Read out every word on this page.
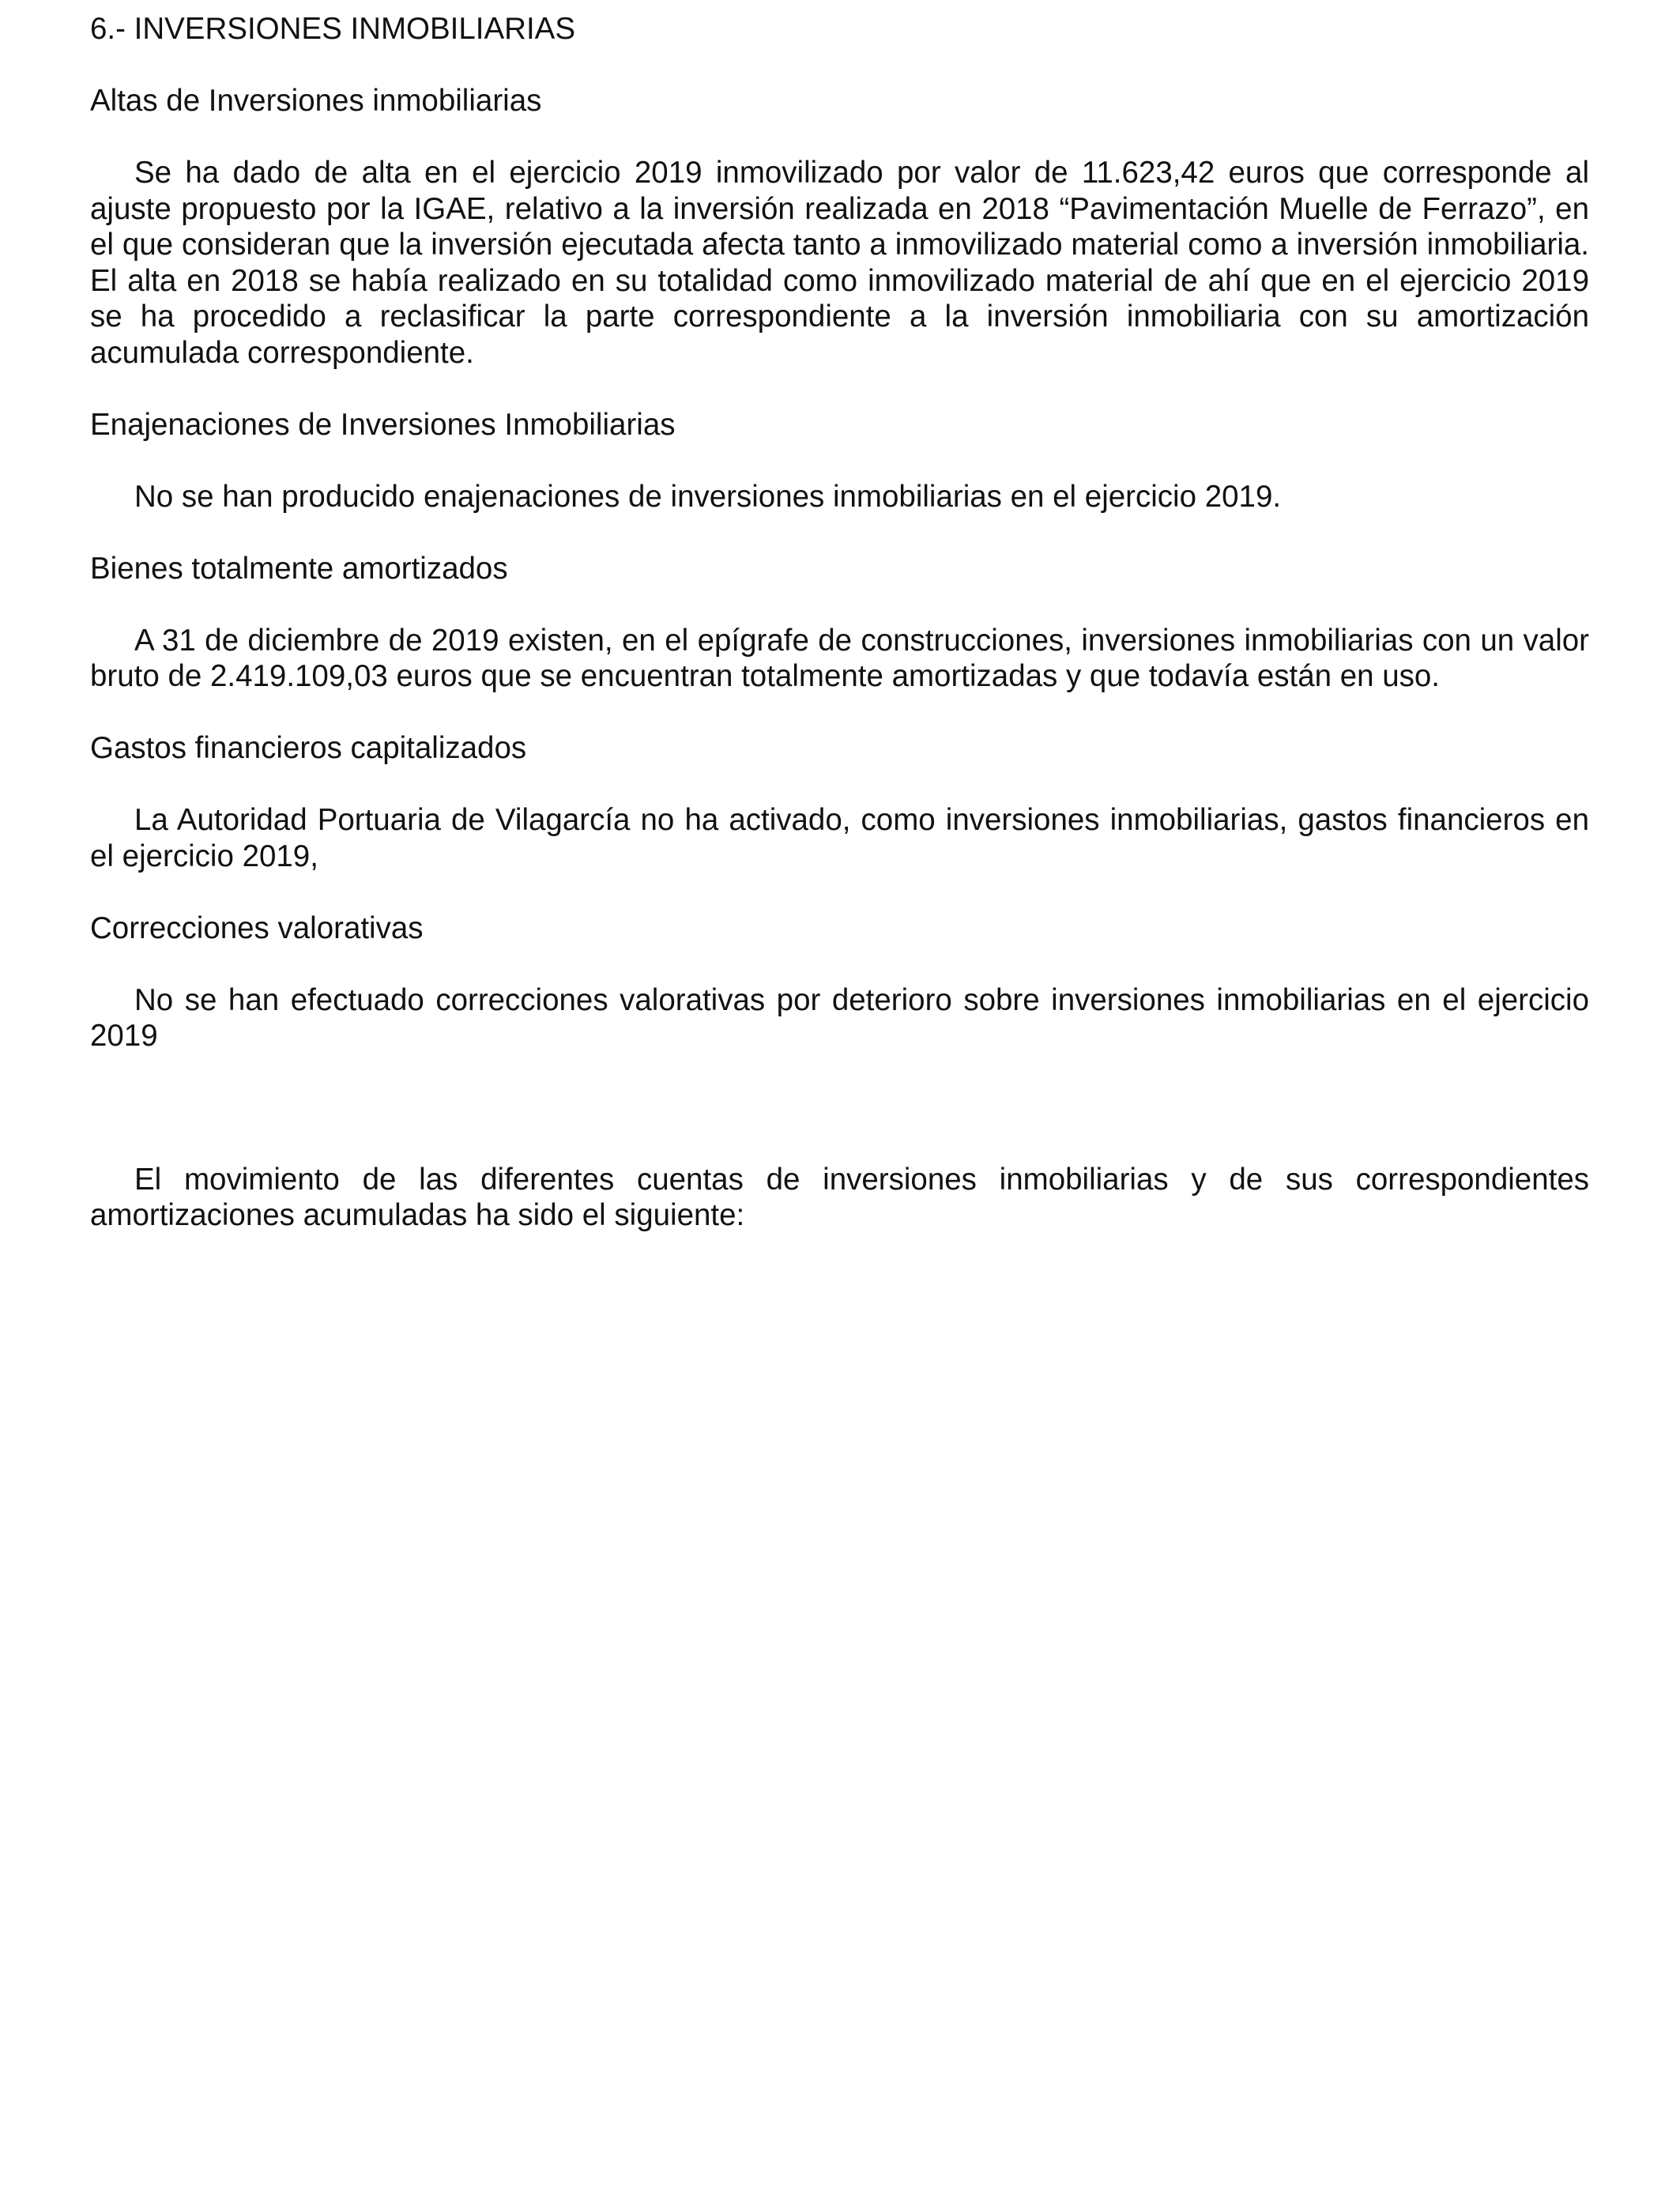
6.- INVERSIONES INMOBILIARIAS
Altas de Inversiones inmobiliarias

Se ha dado de alta en el ejercicio 2019 inmovilizado por valor de 11.623,42 euros que corresponde al ajuste propuesto por la IGAE, relativo a la inversión realizada en 2018 “Pavimentación Muelle de Ferrazo”, en el que consideran que la inversión ejecutada afecta tanto a inmovilizado material como a inversión inmobiliaria. El alta en 2018 se había realizado en su totalidad como inmovilizado material de ahí que en el ejercicio 2019 se ha procedido a reclasificar la parte correspondiente a la inversión inmobiliaria con su amortización acumulada correspondiente.

Enajenaciones de Inversiones Inmobiliarias

No se han producido enajenaciones de inversiones inmobiliarias en el ejercicio 2019.

Bienes totalmente amortizados

A 31 de diciembre de 2019 existen, en el epígrafe de construcciones, inversiones inmobiliarias con un valor bruto de 2.419.109,03 euros que se encuentran totalmente amortizadas y que todavía están en uso.

Gastos financieros capitalizados

La Autoridad Portuaria de Vilagarcía no ha activado, como inversiones inmobiliarias, gastos financieros en el ejercicio 2019,

Correcciones valorativas

No se han efectuado correcciones valorativas por deterioro sobre inversiones inmobiliarias en el ejercicio 2019

El movimiento de las diferentes cuentas de inversiones inmobiliarias y de sus correspondientes amortizaciones acumuladas ha sido el siguiente:
